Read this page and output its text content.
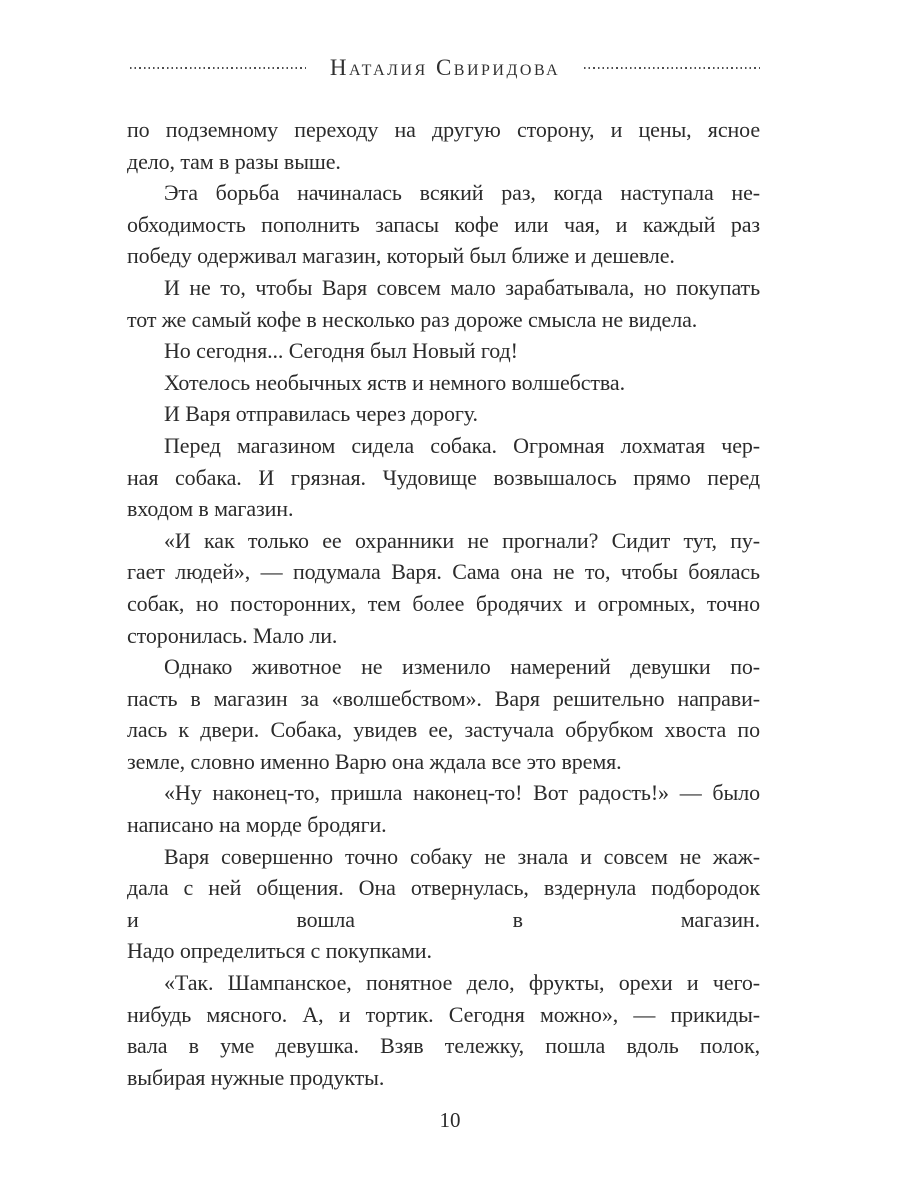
Наталия Свиридова
по подземному переходу на другую сторону, и цены, ясное
дело, там в разы выше.
Эта борьба начиналась всякий раз, когда наступала не-
обходимость пополнить запасы кофе или чая, и каждый раз
победу одерживал магазин, который был ближе и дешевле.
И не то, чтобы Варя совсем мало зарабатывала, но покупать
тот же самый кофе в несколько раз дороже смысла не видела.
Но сегодня... Сегодня был Новый год!
Хотелось необычных яств и немного волшебства.
И Варя отправилась через дорогу.
Перед магазином сидела собака. Огромная лохматая чер-
ная собака. И грязная. Чудовище возвышалось прямо перед
входом в магазин.
«И как только ее охранники не прогнали? Сидит тут, пу-
гает людей», — подумала Варя. Сама она не то, чтобы боялась
собак, но посторонних, тем более бродячих и огромных, точно
сторонилась. Мало ли.
Однако животное не изменило намерений девушки по-
пасть в магазин за «волшебством». Варя решительно направи-
лась к двери. Собака, увидев ее, застучала обрубком хвоста по
земле, словно именно Варю она ждала все это время.
«Ну наконец-то, пришла наконец-то! Вот радость!» — было
написано на морде бродяги.
Варя совершенно точно собаку не знала и совсем не жаж-
дала с ней общения. Она отвернулась, вздернула подбородок
и вошла в магазин.
Надо определиться с покупками.
«Так. Шампанское, понятное дело, фрукты, орехи и чего-
нибудь мясного. А, и тортик. Сегодня можно», — прикиды-
вала в уме девушка. Взяв тележку, пошла вдоль полок,
выбирая нужные продукты.
10
